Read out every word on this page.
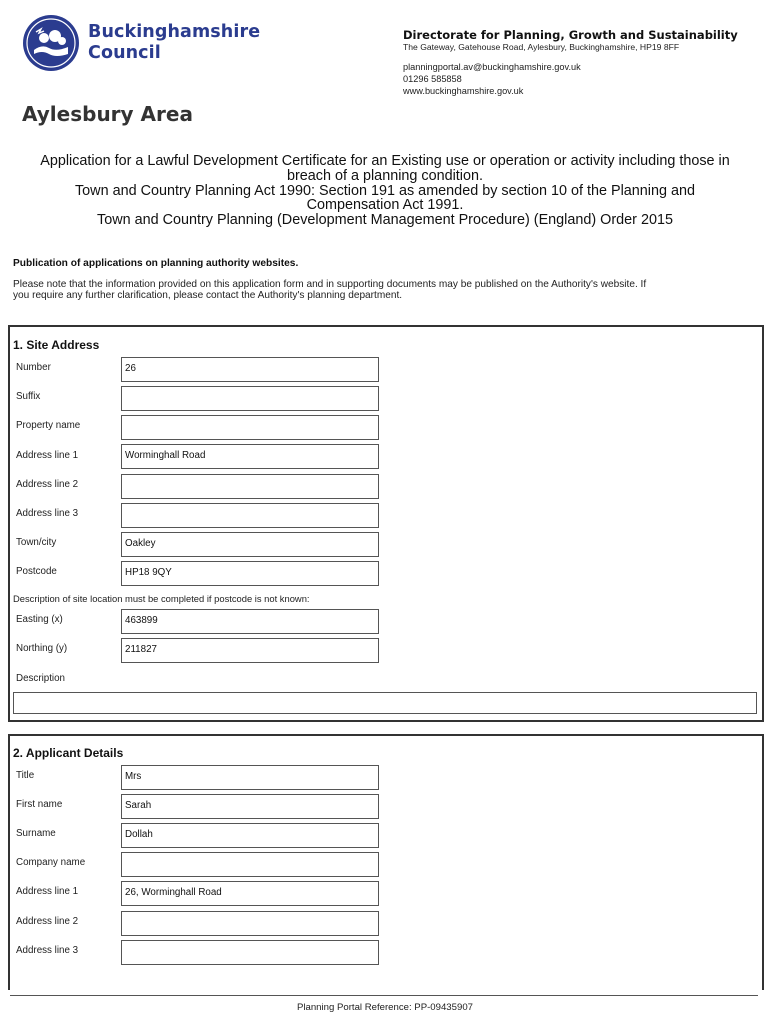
Buckinghamshire
Council
Directorate for Planning, Growth and Sustainability
The Gateway, Gatehouse Road, Aylesbury, Buckinghamshire, HP19 8FF
planningportal.av@buckinghamshire.gov.uk
01296 585858
www.buckinghamshire.gov.uk
Aylesbury Area
Application for a Lawful Development Certificate for an Existing use or operation or activity including those in
breach of a planning condition.
Town and Country Planning Act 1990: Section 191 as amended by section 10 of the Planning and
Compensation Act 1991.
Town and Country Planning (Development Management Procedure) (England) Order 2015
Publication of applications on planning authority websites.
Please note that the information provided on this application form and in supporting documents may be published on the Authority's website. If
you require any further clarification, please contact the Authority's planning department.
1. Site Address
Number	26
Suffix
Property name
Address line 1	Worminghall Road
Address line 2
Address line 3
Town/city	Oakley
Postcode	HP18 9QY
Description of site location must be completed if postcode is not known:
Easting (x)	463899
Northing (y)	211827
Description
2. Applicant Details
Title	Mrs
First name	Sarah
Surname	Dollah
Company name
Address line 1	26, Worminghall Road
Address line 2
Address line 3
Planning Portal Reference: PP-09435907
